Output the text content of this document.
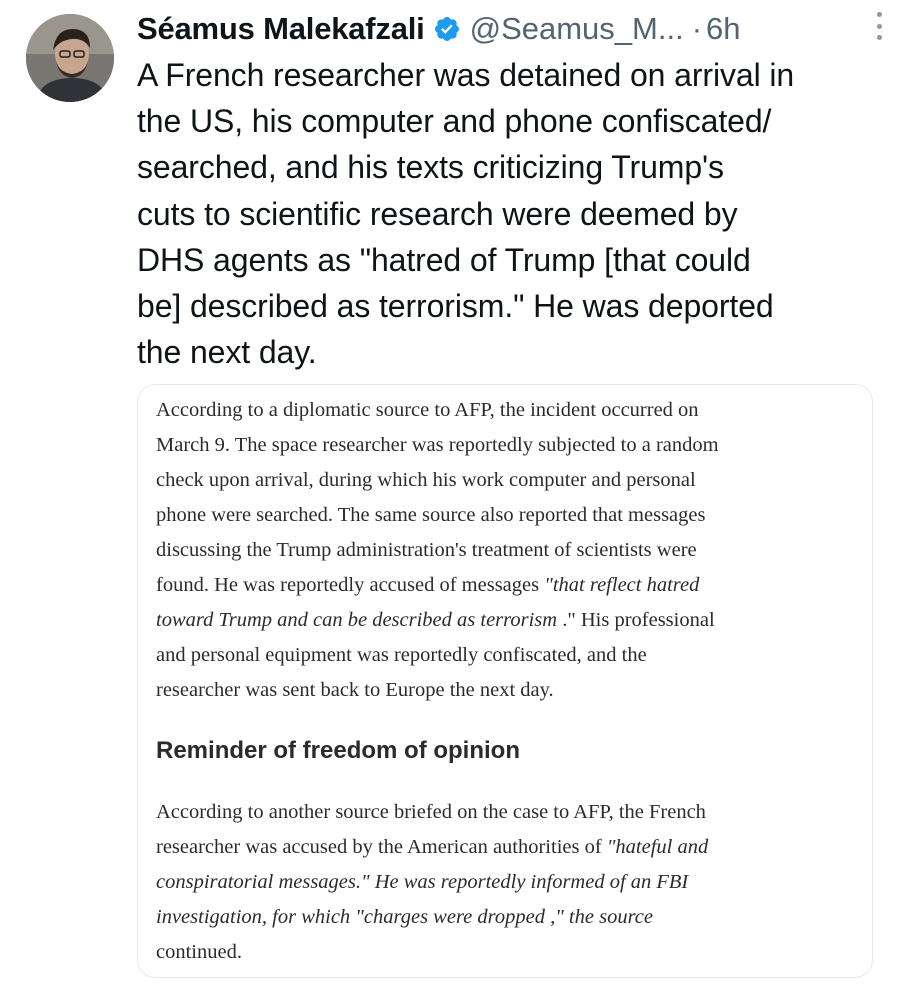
Séamus Malekafzali @Seamus_M... · 6h
A French researcher was detained on arrival in
the US, his computer and phone confiscated/
searched, and his texts criticizing Trump's
cuts to scientific research were deemed by
DHS agents as "hatred of Trump [that could
be] described as terrorism." He was deported
the next day.
According to a diplomatic source to AFP, the incident occurred on
March 9. The space researcher was reportedly subjected to a random
check upon arrival, during which his work computer and personal
phone were searched. The same source also reported that messages
discussing the Trump administration's treatment of scientists were
found. He was reportedly accused of messages "that reflect hatred
toward Trump and can be described as terrorism ." His professional
and personal equipment was reportedly confiscated, and the
researcher was sent back to Europe the next day.
Reminder of freedom of opinion
According to another source briefed on the case to AFP, the French
researcher was accused by the American authorities of "hateful and
conspiratorial messages." He was reportedly informed of an FBI
investigation, for which "charges were dropped ," the source
continued.
